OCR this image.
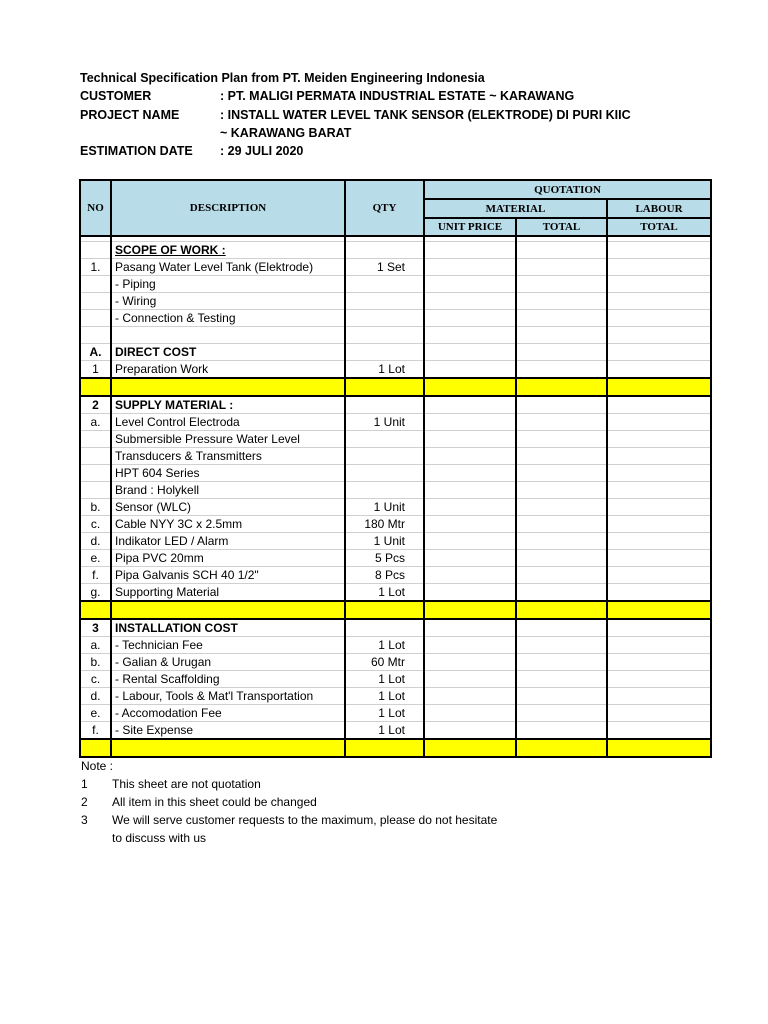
Technical Specification Plan from PT. Meiden Engineering Indonesia
CUSTOMER	: PT. MALIGI PERMATA INDUSTRIAL ESTATE ~ KARAWANG
PROJECT NAME	: INSTALL WATER LEVEL TANK SENSOR (ELEKTRODE) DI PURI KIIC
~ KARAWANG BARAT
ESTIMATION DATE : 29 JULI 2020
NO	DESCRIPTION	QTY	QUOTATION		
			MATERIAL		LABOUR
			UNIT PRICE	TOTAL	TOTAL

	SCOPE OF WORK :				
1.	Pasang Water Level Tank (Elektrode)	1 Set			
	- Piping				
	- Wiring				
	- Connection & Testing				

A.	DIRECT COST				
1	Preparation Work	1 Lot			

2	SUPPLY MATERIAL :				
a.	Level Control Electroda	1 Unit			
	Submersible Pressure Water Level				
	Transducers & Transmitters				
	HPT 604 Series				
	Brand : Holykell				
b.	Sensor (WLC)	1 Unit			
c.	Cable NYY 3C x 2.5mm	180 Mtr			
d.	Indikator LED / Alarm	1 Unit			
e.	Pipa PVC 20mm	5 Pcs			
f.	Pipa Galvanis SCH 40 1/2"	8 Pcs			
g.	Supporting Material	1 Lot			

3	INSTALLATION COST				
a.	- Technician Fee	1 Lot			
b.	- Galian & Urugan	60 Mtr			
c.	- Rental Scaffolding	1 Lot			
d.	- Labour, Tools & Mat'l Transportation	1 Lot			
e.	- Accomodation Fee	1 Lot			
f.	- Site Expense	1 Lot			

Note :
1	This sheet are not quotation
2	All item in this sheet could be changed
3	We will serve customer requests to the maximum, please do not hesitate
to discuss with us
